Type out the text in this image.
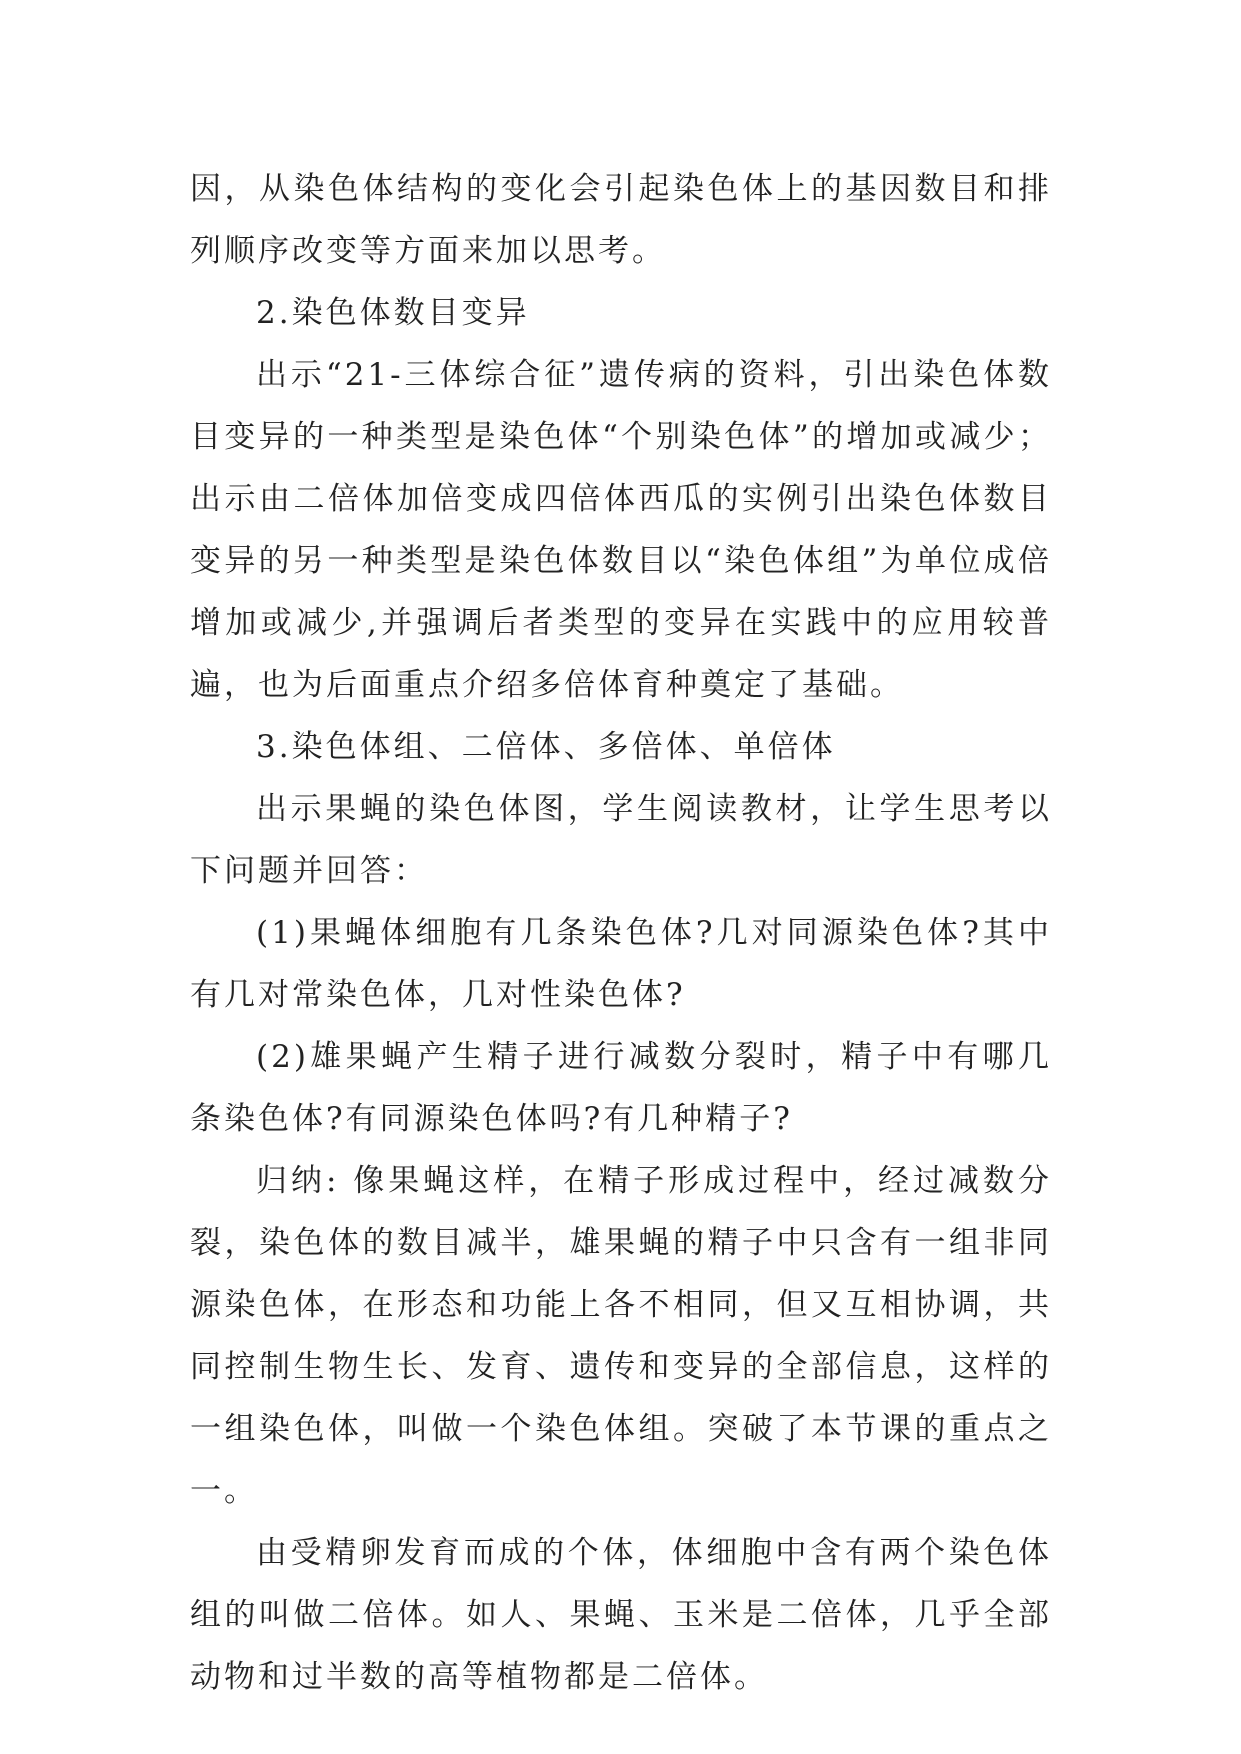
因，从染色体结构的变化会引起染色体上的基因数目和排列顺序改变等方面来加以思考。

2.染色体数目变异

出示“21-三体综合征”遗传病的资料，引出染色体数目变异的一种类型是染色体“个别染色体”的增加或减少；出示由二倍体加倍变成四倍体西瓜的实例引出染色体数目变异的另一种类型是染色体数目以“染色体组”为单位成倍增加或减少,并强调后者类型的变异在实践中的应用较普遍，也为后面重点介绍多倍体育种奠定了基础。

3.染色体组、二倍体、多倍体、单倍体

出示果蝇的染色体图，学生阅读教材，让学生思考以下问题并回答：

(1)果蝇体细胞有几条染色体?几对同源染色体?其中有几对常染色体，几对性染色体?

(2)雄果蝇产生精子进行减数分裂时，精子中有哪几条染色体?有同源染色体吗?有几种精子?

归纳: 像果蝇这样，在精子形成过程中，经过减数分裂，染色体的数目减半，雄果蝇的精子中只含有一组非同源染色体，在形态和功能上各不相同，但又互相协调，共同控制生物生长、发育、遗传和变异的全部信息，这样的一组染色体，叫做一个染色体组。突破了本节课的重点之一。

由受精卵发育而成的个体，体细胞中含有两个染色体组的叫做二倍体。如人、果蝇、玉米是二倍体，几乎全部动物和过半数的高等植物都是二倍体。
